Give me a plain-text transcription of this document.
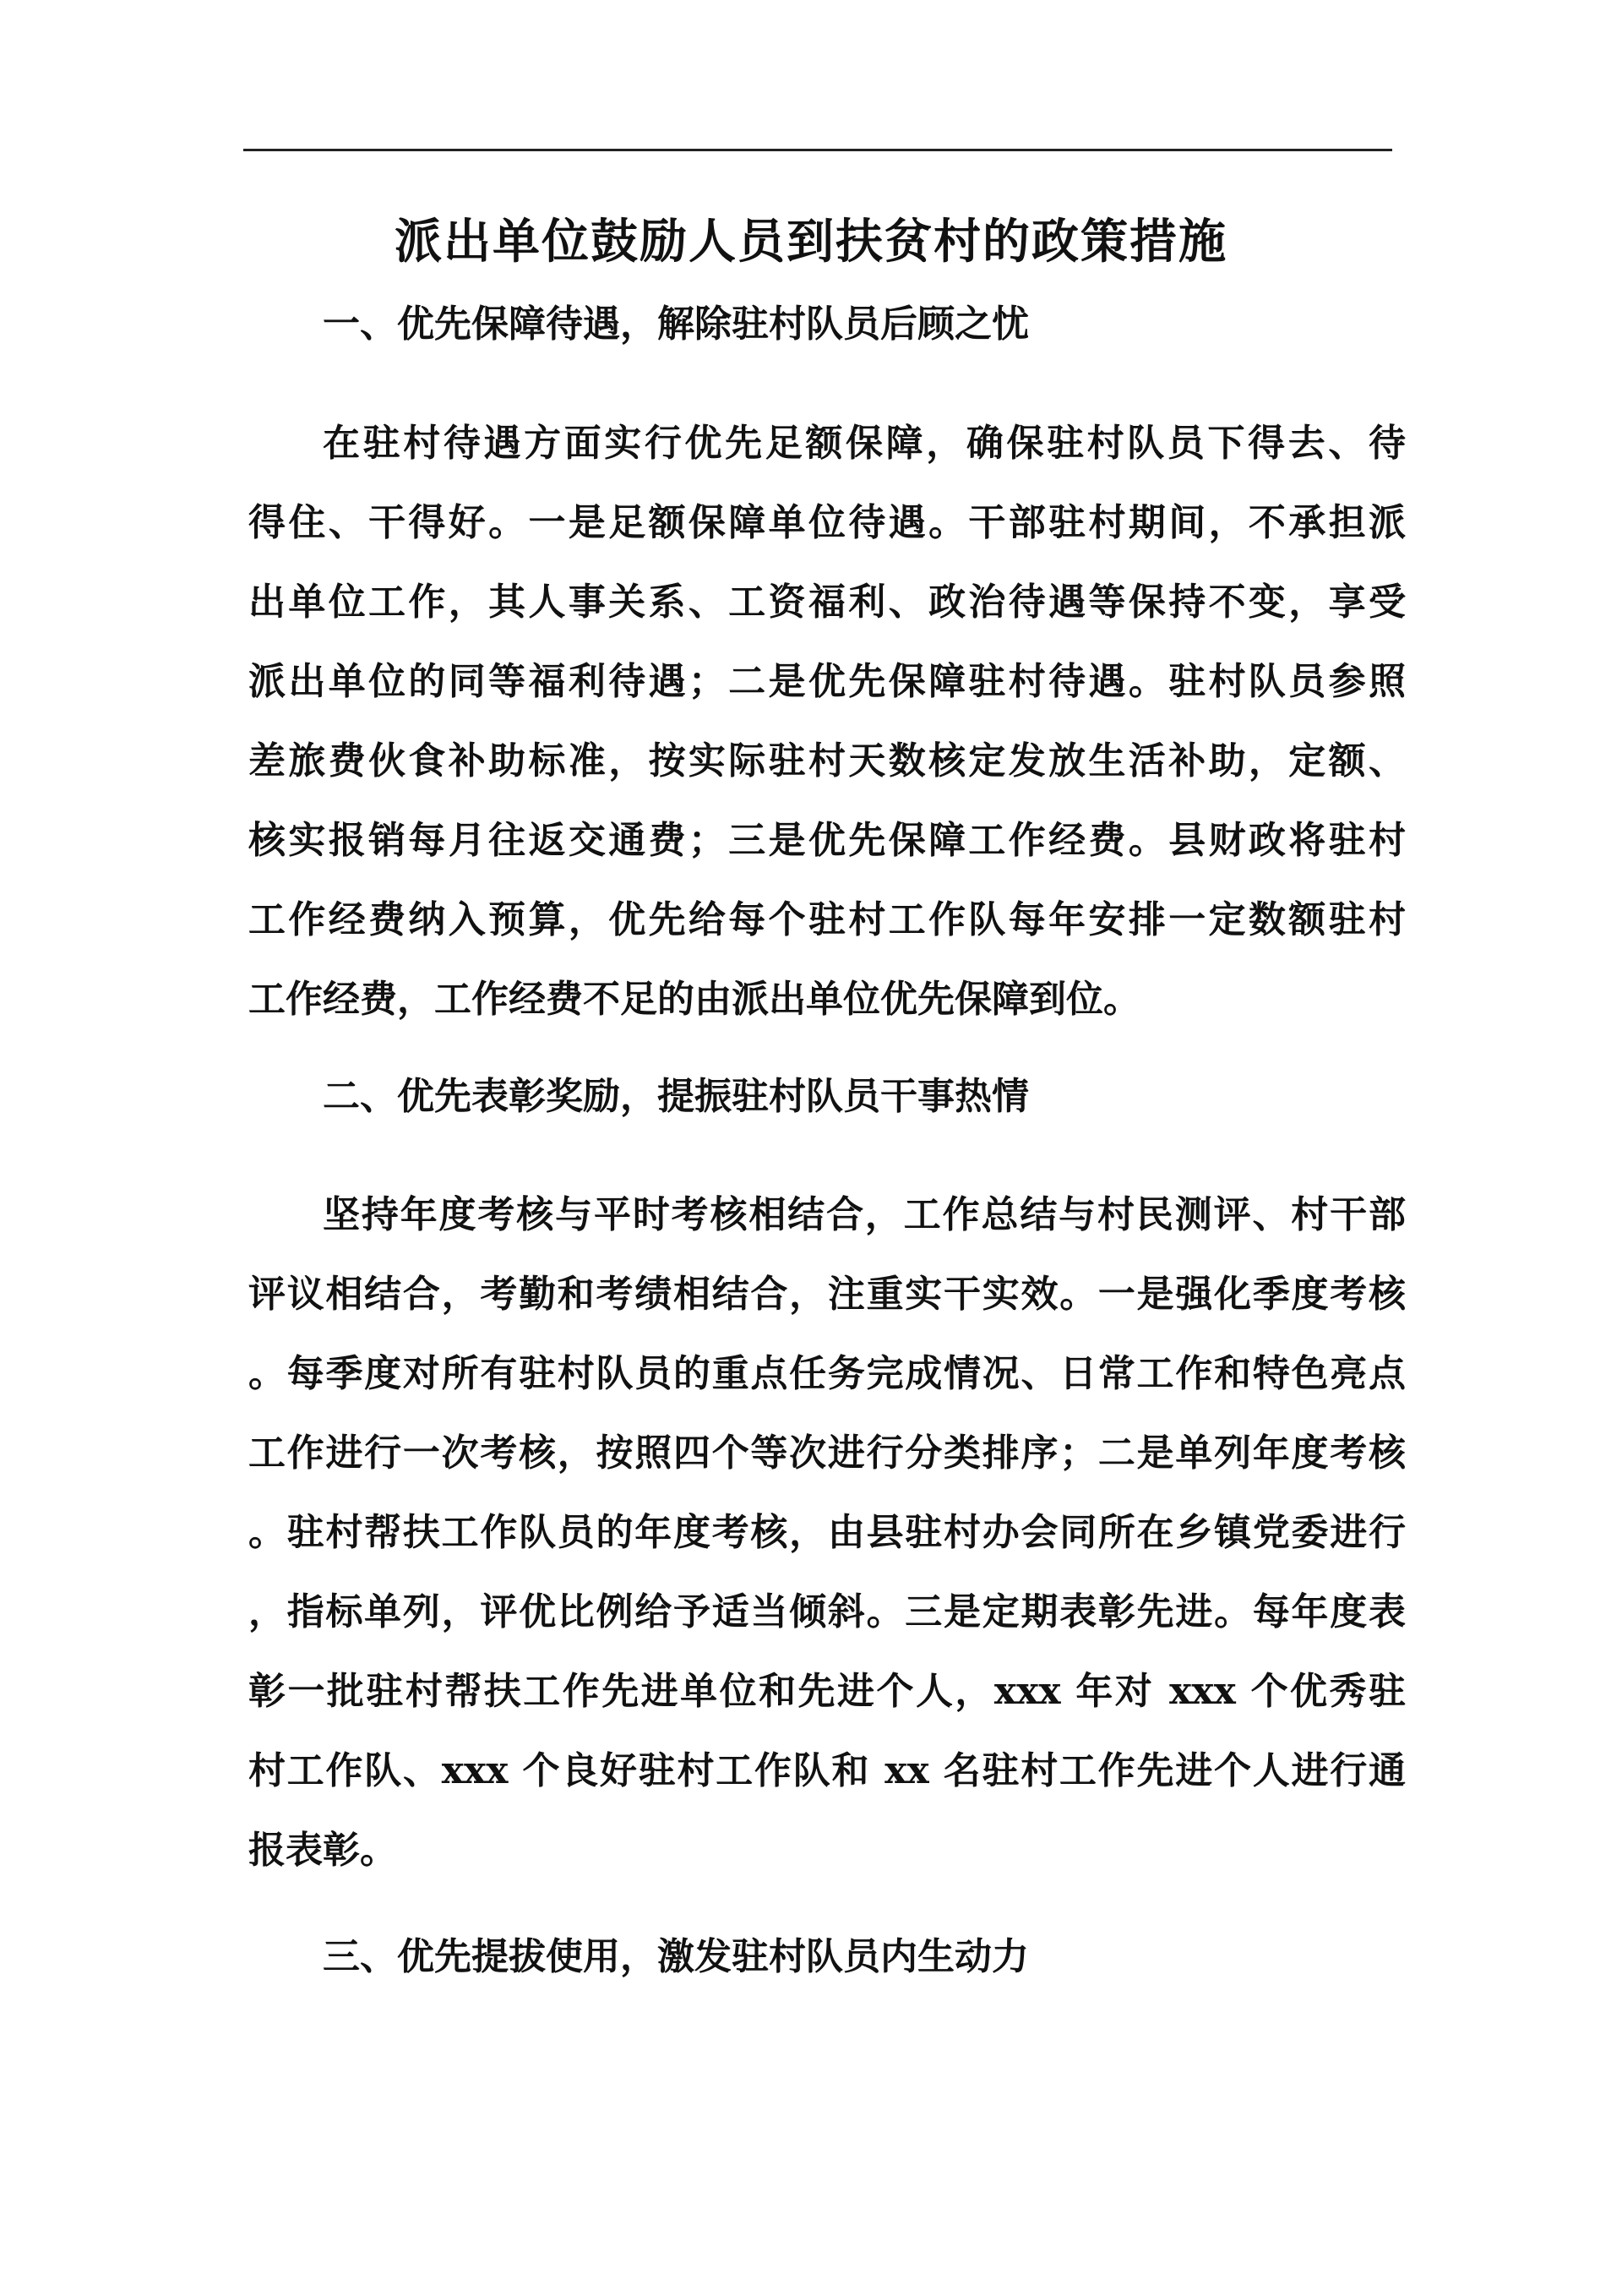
派出单位鼓励人员到扶贫村的政策措施
一、优先保障待遇，解除驻村队员后顾之忧
在驻村待遇方面实行优先足额保障，确保驻村队员下得去、待
得住、干得好。一是足额保障单位待遇。干部驻村期间，不承担派
出单位工作，其人事关系、工资福利、政治待遇等保持不变，享受
派出单位的同等福利待遇；二是优先保障驻村待遇。驻村队员参照
差旅费伙食补助标准，按实际驻村天数核定发放生活补助，定额、
核实报销每月往返交通费；三是优先保障工作经费。县财政将驻村
工作经费纳入预算，优先给每个驻村工作队每年安排一定数额驻村
工作经费，工作经费不足的由派出单位优先保障到位。
二、优先表彰奖励，提振驻村队员干事热情
坚持年度考核与平时考核相结合，工作总结与村民测评、村干部
评议相结合，考勤和考绩相结合，注重实干实效。一是强化季度考核
。每季度对所有驻村队员的重点任务完成情况、日常工作和特色亮点
工作进行一次考核，按照四个等次进行分类排序；二是单列年度考核
。驻村帮扶工作队员的年度考核，由县驻村办会同所在乡镇党委进行
，指标单列，评优比例给予适当倾斜。三是定期表彰先进。每年度表
彰一批驻村帮扶工作先进单位和先进个人，xxx 年对 xxx 个优秀驻
村工作队、xxx 个良好驻村工作队和 xx 名驻村工作先进个人进行通
报表彰。
三、优先提拔使用，激发驻村队员内生动力
